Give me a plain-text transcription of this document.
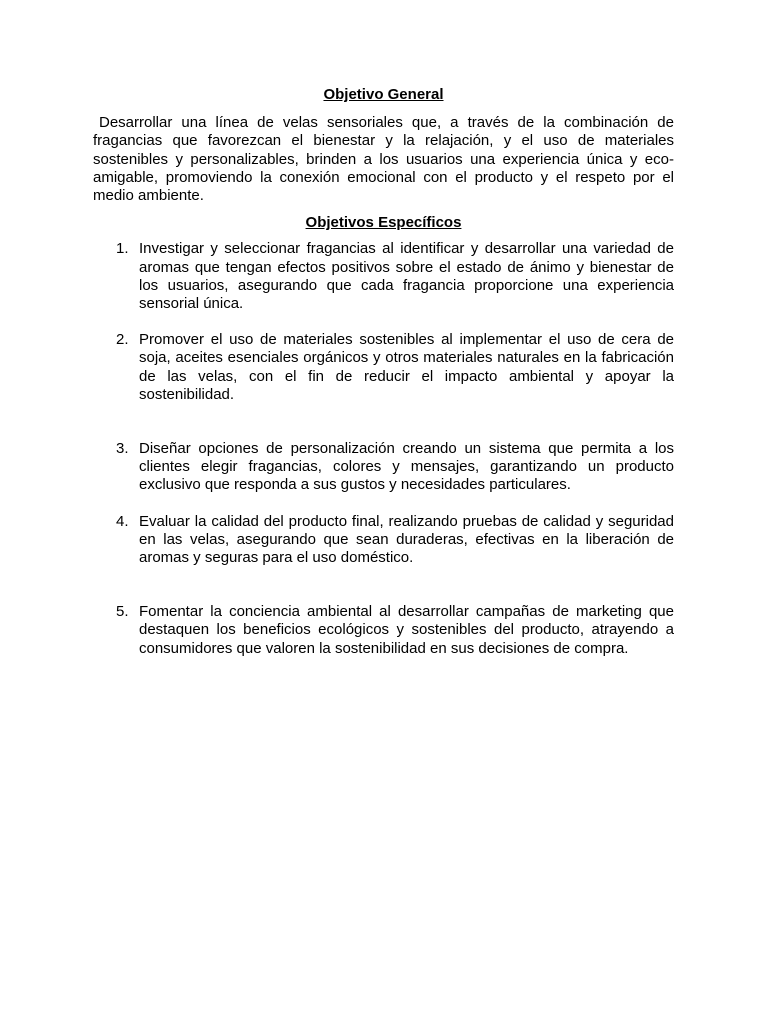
Objetivo General

Desarrollar una línea de velas sensoriales que, a través de la combinación de fragancias que favorezcan el bienestar y la relajación, y el uso de materiales sostenibles y personalizables, brinden a los usuarios una experiencia única y eco-amigable, promoviendo la conexión emocional con el producto y el respeto por el medio ambiente.

Objetivos Específicos

1. Investigar y seleccionar fragancias al identificar y desarrollar una variedad de aromas que tengan efectos positivos sobre el estado de ánimo y bienestar de los usuarios, asegurando que cada fragancia proporcione una experiencia sensorial única.
2. Promover el uso de materiales sostenibles al implementar el uso de cera de soja, aceites esenciales orgánicos y otros materiales naturales en la fabricación de las velas, con el fin de reducir el impacto ambiental y apoyar la sostenibilidad.
3. Diseñar opciones de personalización creando un sistema que permita a los clientes elegir fragancias, colores y mensajes, garantizando un producto exclusivo que responda a sus gustos y necesidades particulares.
4. Evaluar la calidad del producto final, realizando pruebas de calidad y seguridad en las velas, asegurando que sean duraderas, efectivas en la liberación de aromas y seguras para el uso doméstico.
5. Fomentar la conciencia ambiental al desarrollar campañas de marketing que destaquen los beneficios ecológicos y sostenibles del producto, atrayendo a consumidores que valoren la sostenibilidad en sus decisiones de compra.
